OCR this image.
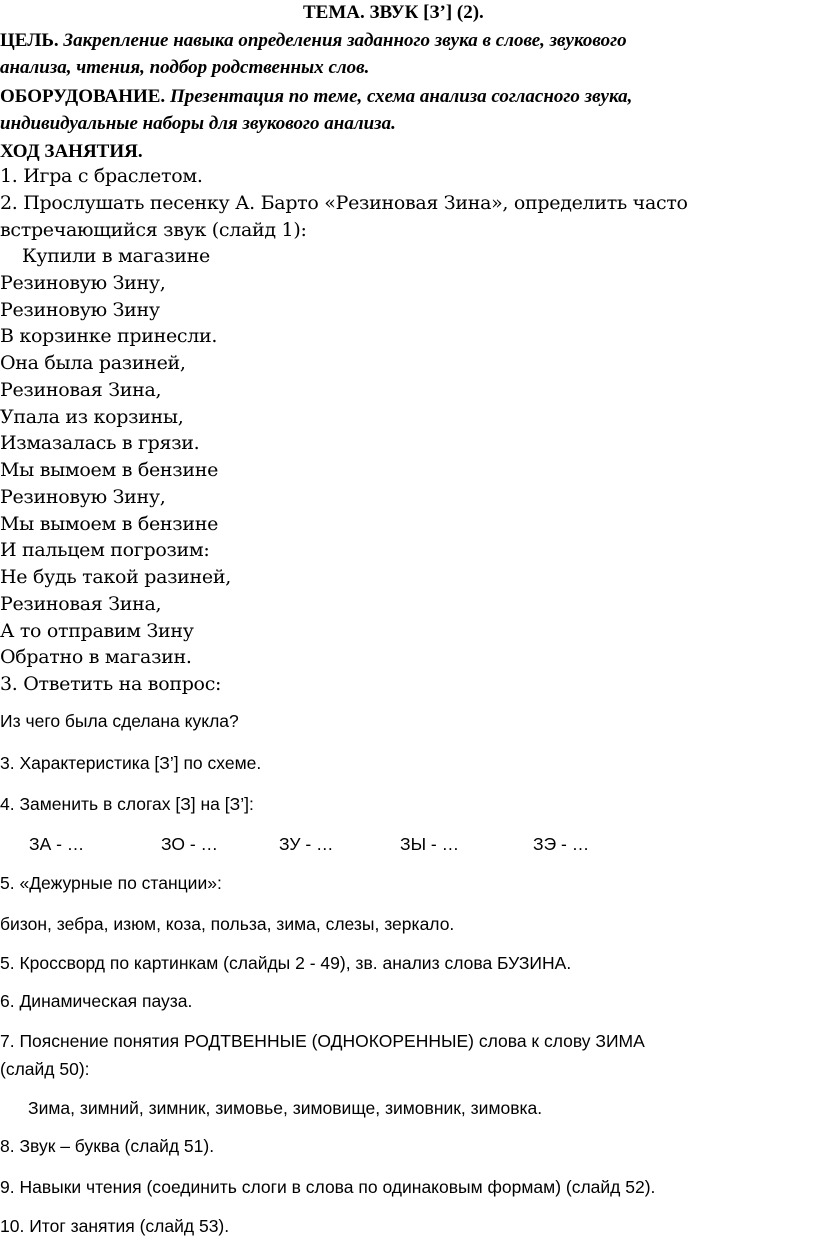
ТЕМА. ЗВУК [З’] (2).
ЦЕЛЬ. Закрепление навыка определения заданного звука в слове, звукового
анализа, чтения, подбор родственных слов.
ОБОРУДОВАНИЕ. Презентация по теме, схема анализа согласного звука,
индивидуальные наборы для звукового анализа.
ХОД ЗАНЯТИЯ.
1. Игра с браслетом.
2. Прослушать песенку А. Барто «Резиновая Зина», определить часто
встречающийся звук (слайд 1):
Купили в магазине
Резиновую Зину,
Резиновую Зину
В корзинке принесли.
Она была разиней,
Резиновая Зина,
Упала из корзины,
Измазалась в грязи.
Мы вымоем в бензине
Резиновую Зину,
Мы вымоем в бензине
И пальцем погрозим:
Не будь такой разиней,
Резиновая Зина,
А то отправим Зину
Обратно в магазин.
3. Ответить на вопрос:
Из чего была сделана кукла?
3. Характеристика [З’] по схеме.
4. Заменить в слогах [З] на [З’]:
ЗА - …	ЗО - …	ЗУ - …	ЗЫ - …	ЗЭ - …
5. «Дежурные по станции»:
бизон, зебра, изюм, коза, польза, зима, слезы, зеркало.
5. Кроссворд по картинкам (слайды 2 - 49), зв. анализ слова БУЗИНА.
6. Динамическая пауза.
7. Пояснение понятия РОДТВЕННЫЕ (ОДНОКОРЕННЫЕ) слова к слову ЗИМА
(слайд 50):
Зима, зимний, зимник, зимовье, зимовище, зимовник, зимовка.
8. Звук – буква (слайд 51).
9. Навыки чтения (соединить слоги в слова по одинаковым формам) (слайд 52).
10. Итог занятия (слайд 53).
